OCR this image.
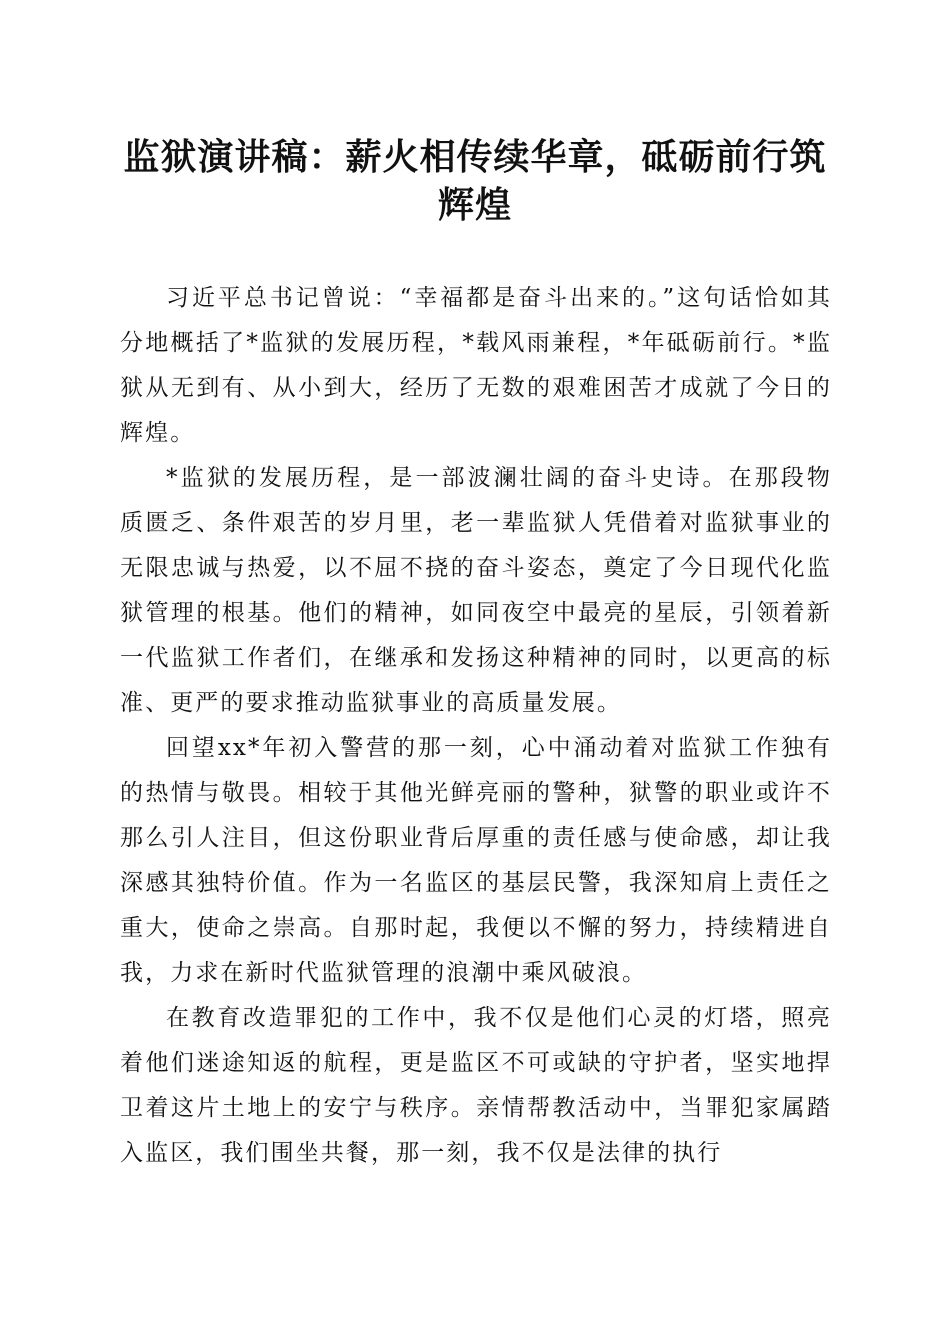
监狱演讲稿：薪火相传续华章，砥砺前行筑辉煌

习近平总书记曾说：“幸福都是奋斗出来的。”这句话恰如其分地概括了*监狱的发展历程，*载风雨兼程，*年砥砺前行。*监狱从无到有、从小到大，经历了无数的艰难困苦才成就了今日的辉煌。

*监狱的发展历程，是一部波澜壮阔的奋斗史诗。在那段物质匮乏、条件艰苦的岁月里，老一辈监狱人凭借着对监狱事业的无限忠诚与热爱，以不屈不挠的奋斗姿态，奠定了今日现代化监狱管理的根基。他们的精神，如同夜空中最亮的星辰，引领着新一代监狱工作者们，在继承和发扬这种精神的同时，以更高的标准、更严的要求推动监狱事业的高质量发展。

回望xx*年初入警营的那一刻，心中涌动着对监狱工作独有的热情与敬畏。相较于其他光鲜亮丽的警种，狱警的职业或许不那么引人注目，但这份职业背后厚重的责任感与使命感，却让我深感其独特价值。作为一名监区的基层民警，我深知肩上责任之重大，使命之崇高。自那时起，我便以不懈的努力，持续精进自我，力求在新时代监狱管理的浪潮中乘风破浪。

在教育改造罪犯的工作中，我不仅是他们心灵的灯塔，照亮着他们迷途知返的航程，更是监区不可或缺的守护者，坚实地捍卫着这片土地上的安宁与秩序。亲情帮教活动中，当罪犯家属踏入监区，我们围坐共餐，那一刻，我不仅是法律的执行
